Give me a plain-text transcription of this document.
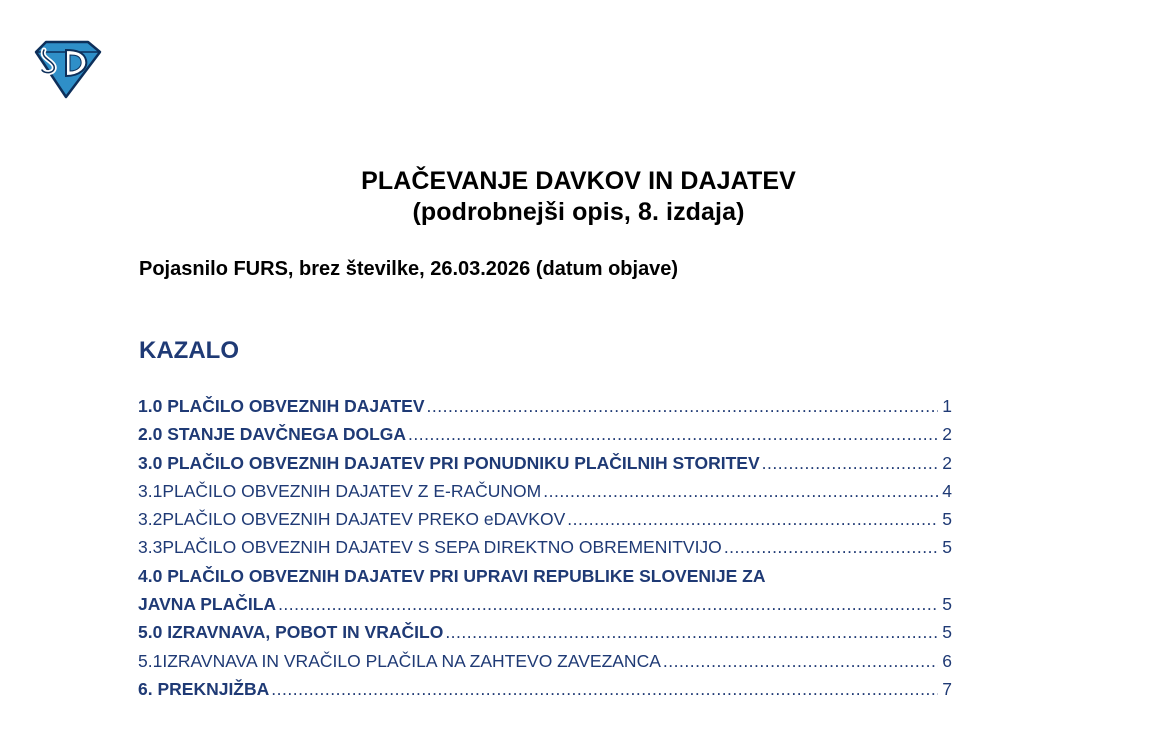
PLAČEVANJE DAVKOV IN DAJATEV
(podrobnejši opis, 8. izdaja)
Pojasnilo FURS, brez številke, 26.03.2026 (datum objave)
KAZALO
1.0 PLAČILO OBVEZNIH DAJATEV .....	1
2.0 STANJE DAVČNEGA DOLGA .....	2
3.0 PLAČILO OBVEZNIH DAJATEV PRI PONUDNIKU PLAČILNIH STORITEV .....	2
3.1 PLAČILO OBVEZNIH DAJATEV Z E-RAČUNOM .....	4
3.2 PLAČILO OBVEZNIH DAJATEV PREKO eDAVKOV .....	5
3.3 PLAČILO OBVEZNIH DAJATEV S SEPA DIREKTNO OBREMENITVIJO .....	5
4.0 PLAČILO OBVEZNIH DAJATEV PRI UPRAVI REPUBLIKE SLOVENIJE ZA
JAVNA PLAČILA .....	5
5.0 IZRAVNAVA, POBOT IN VRAČILO .....	5
5.1 IZRAVNAVA IN VRAČILO PLAČILA NA ZAHTEVO ZAVEZANCA .....	6
6. PREKNJIŽBA .....	7
